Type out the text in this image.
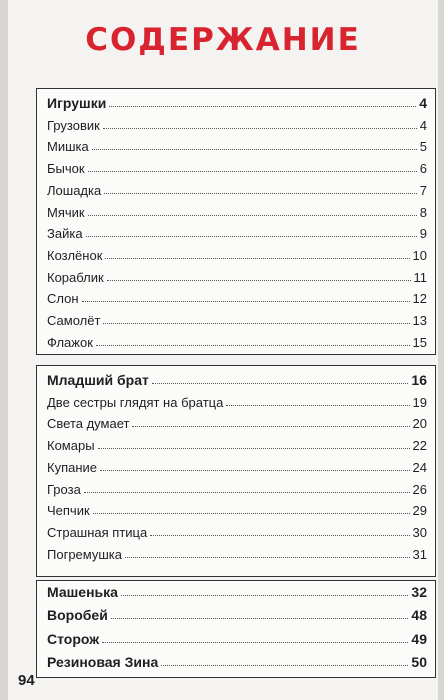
СОДЕРЖАНИЕ
Игрушки	4
Грузовик	4
Мишка	5
Бычок	6
Лошадка	7
Мячик	8
Зайка	9
Козлёнок	10
Кораблик	11
Слон	12
Самолёт	13
Флажок	15
Младший брат	16
Две сестры глядят на братца	19
Света думает	20
Комары	22
Купание	24
Гроза	26
Чепчик	29
Страшная птица	30
Погремушка	31
Машенька	32
Воробей	48
Сторож	49
Резиновая Зина	50
94
